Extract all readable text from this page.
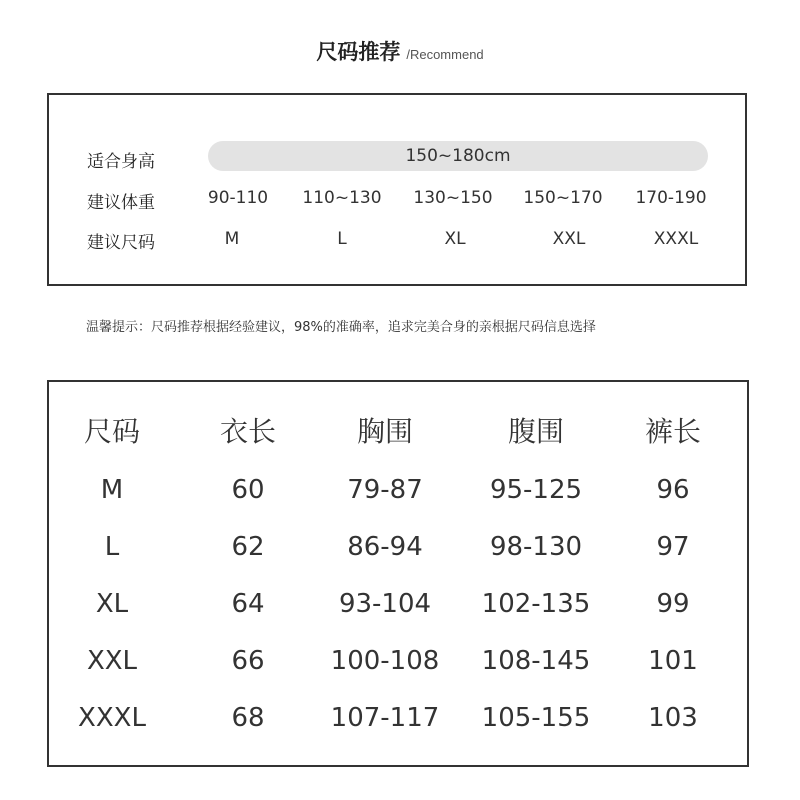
尺码推荐 /Recommend
适合身高	150~180cm
建议体重	90-110	110~130	130~150	150~170	170-190
建议尺码	M	L	XL	XXL	XXXL
温馨提示：尺码推荐根据经验建议，98%的准确率，追求完美合身的亲根据尺码信息选择
尺码	衣长	胸围	腹围	裤长
M	60	79-87	95-125	96
L	62	86-94	98-130	97
XL	64	93-104	102-135	99
XXL	66	100-108	108-145	101
XXXL	68	107-117	105-155	103
